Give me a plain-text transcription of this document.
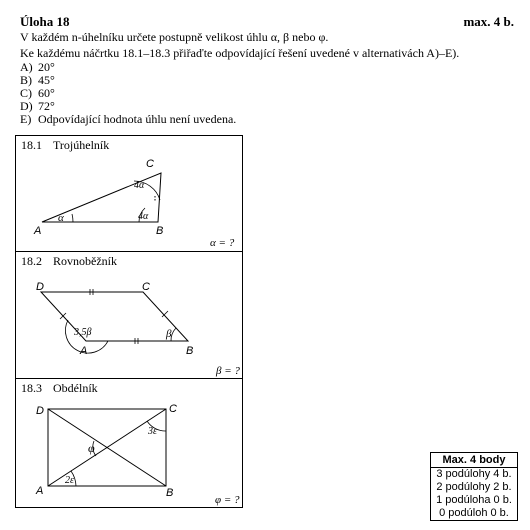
Úloha 18	max. 4 b.
V každém n-úhelníku určete postupně velikost úhlu α, β nebo φ.
Ke každému náčrtku 18.1–18.3 přiřaďte odpovídající řešení uvedené v alternativách A)–E).
A) 20°
B) 45°
C) 60°
D) 72°
E) Odpovídající hodnota úhlu není uvedena.
18.1 Trojúhelník
A	B
C
α	4α
4α
α = ?
18.2 Rovnoběžník
D	C
A	B
3,5β	β
β = ?
18.3 Obdélník
D	C
A	B
2ε
3ε
φ
φ = ?
Max. 4 body
3 podúlohy 4 b.
2 podúlohy 2 b.
1 podúloha 0 b.
0 podúloh 0 b.
